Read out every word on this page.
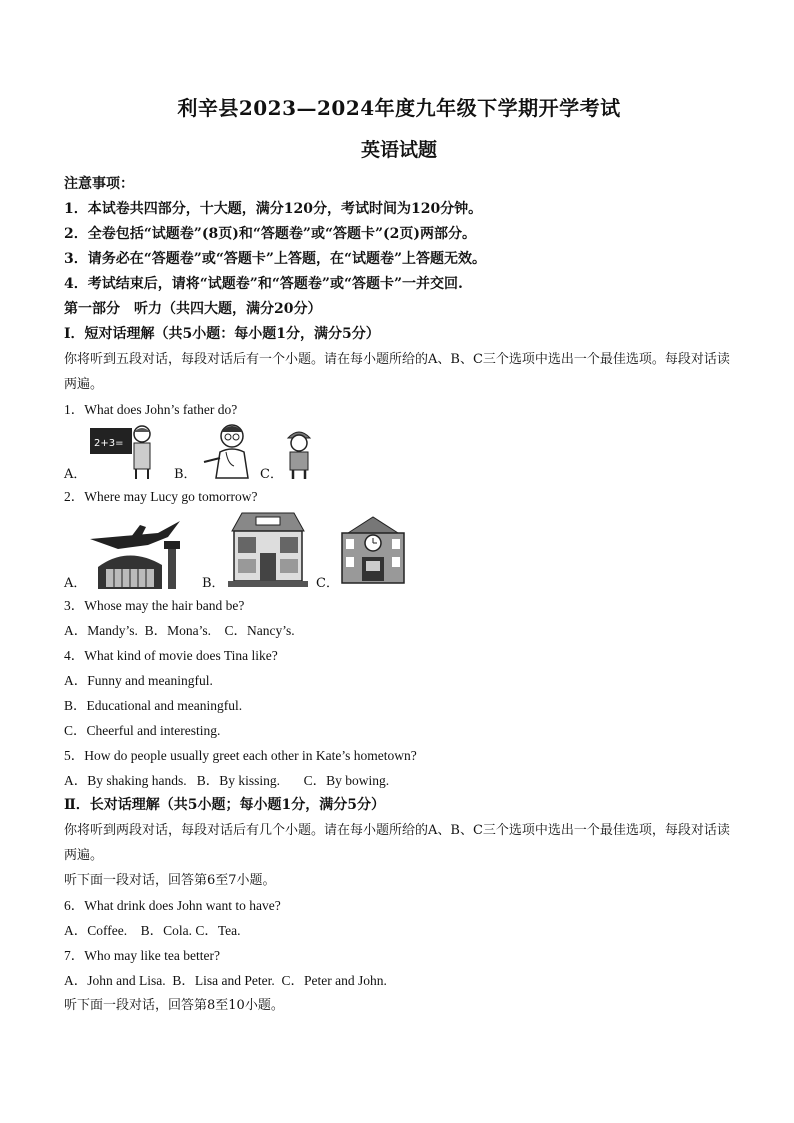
利辛县2023—2024年度九年级下学期开学考试
英语试题
注意事项：
1．本试卷共四部分，十大题，满分120分，考试时间为120分钟。
2．全卷包括“试题卷”(8页)和“答题卷”或“答题卡”(2页)两部分。
3．请务必在“答题卷”或“答题卡”上答题，在“试题卷”上答题无效。
4．考试结束后，请将“试题卷”和“答题卷”或“答题卡”一并交回.
第一部分　听力（共四大题，满分20分）
Ⅰ．短对话理解（共5小题：每小题1分，满分5分）
你将听到五段对话，每段对话后有一个小题。请在每小题所给的A、B、C三个选项中选出一个最佳选项。每段对话读两遍。
1．What does John’s father do?
A．
2+3=
B．	C．
2．Where may Lucy go tomorrow?
A．	B．	C．
3．Whose may the hair band be?
A．Mandy’s.  B．Mona’s.    C．Nancy’s.
4．What kind of movie does Tina like?
A．Funny and meaningful.
B．Educational and meaningful.
C．Cheerful and interesting.
5．How do people usually greet each other in Kate’s hometown?
A．By shaking hands.   B．By kissing.       C．By bowing.
Ⅱ．长对话理解（共5小题；每小题1分，满分5分）
你将听到两段对话，每段对话后有几个小题。请在每小题所给的A、B、C三个选项中选出一个最佳选项，每段对话读两遍。
听下面一段对话，回答第6至7小题。
6．What drink does John want to have?
A．Coffee.    B．Cola. C．Tea.
7．Who may like tea better?
A．John and Lisa.  B．Lisa and Peter.  C．Peter and John.
听下面一段对话，回答第8至10小题。
